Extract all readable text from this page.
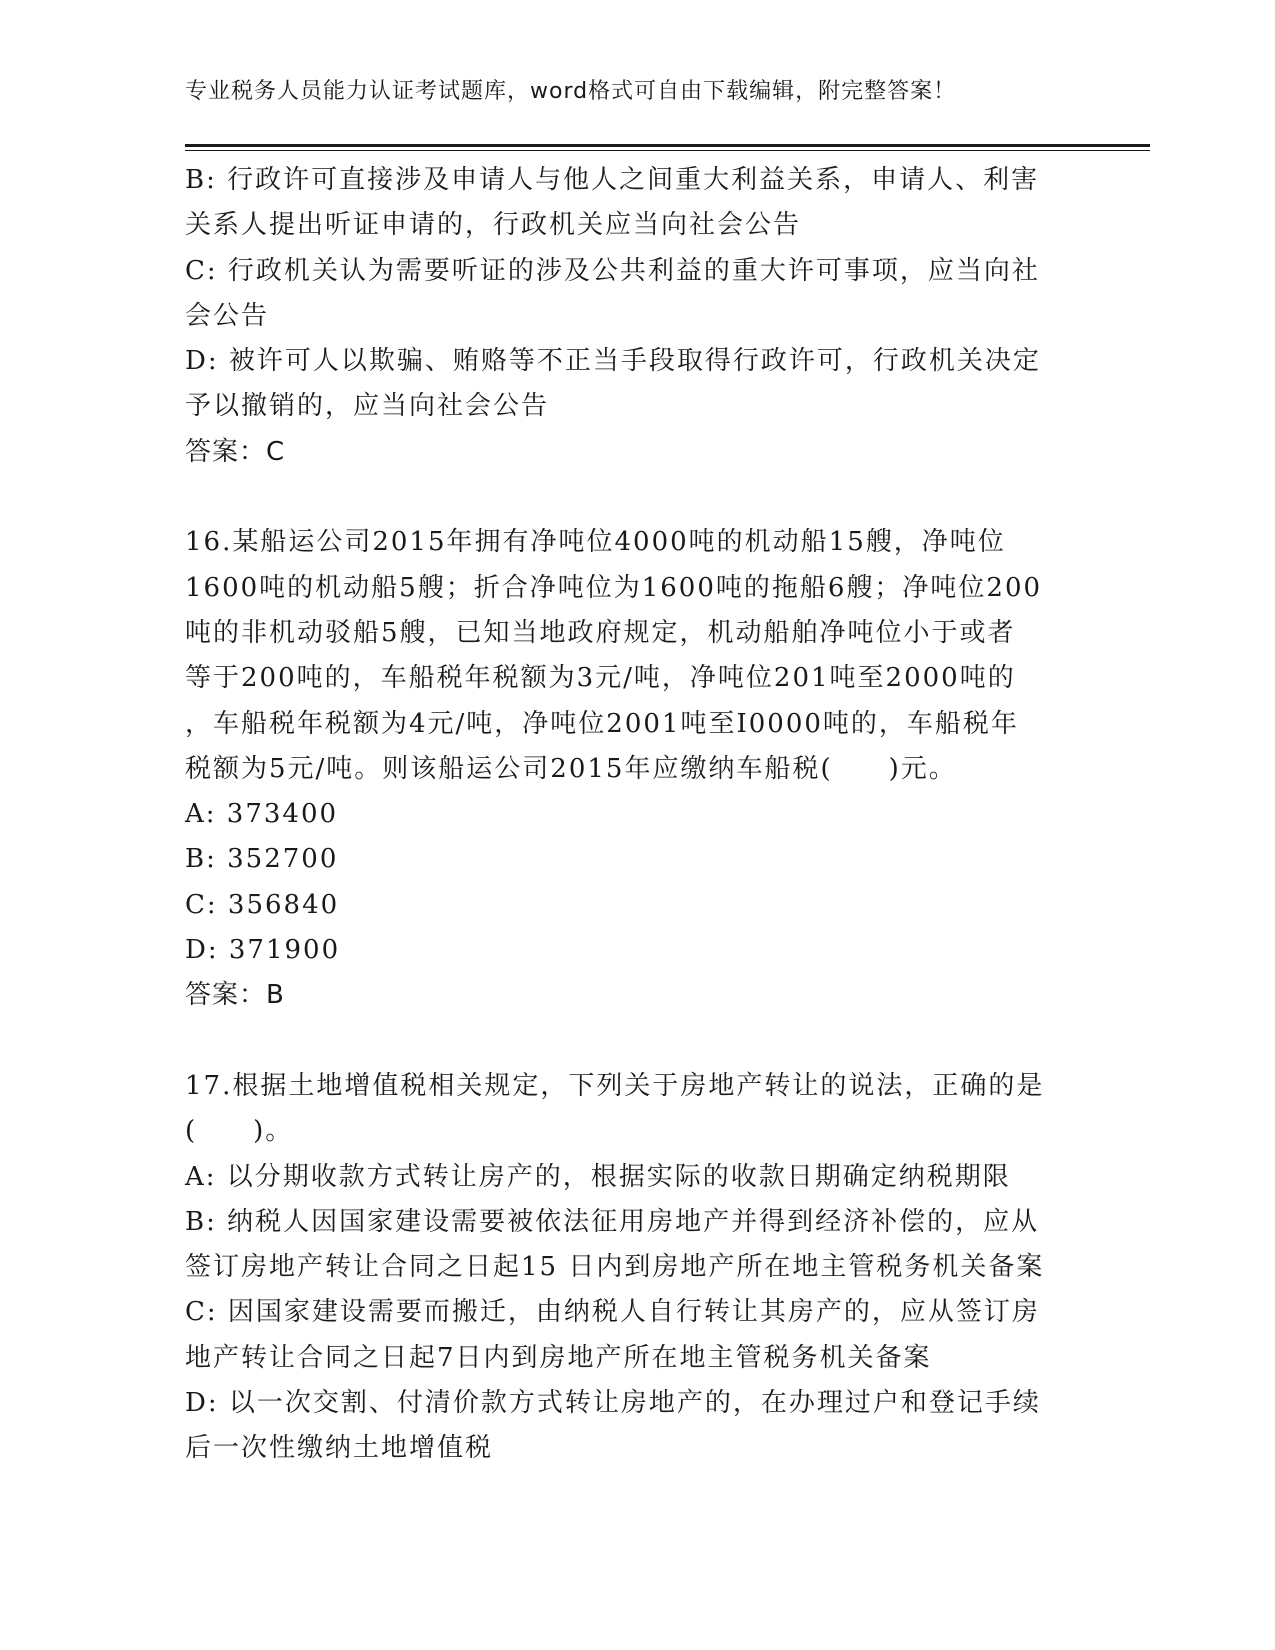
专业税务人员能力认证考试题库，word格式可自由下载编辑，附完整答案！
B: 行政许可直接涉及申请人与他人之间重大利益关系，申请人、利害
关系人提出听证申请的，行政机关应当向社会公告
C: 行政机关认为需要听证的涉及公共利益的重大许可事项，应当向社
会公告
D: 被许可人以欺骗、贿赂等不正当手段取得行政许可，行政机关决定
予以撤销的，应当向社会公告
答案：C
16.某船运公司2015年拥有净吨位4000吨的机动船15艘，净吨位
1600吨的机动船5艘；折合净吨位为1600吨的拖船6艘；净吨位200
吨的非机动驳船5艘，已知当地政府规定，机动船舶净吨位小于或者
等于200吨的，车船税年税额为3元/吨，净吨位201吨至2000吨的
，车船税年税额为4元/吨，净吨位2001吨至I0000吨的，车船税年
税额为5元/吨。则该船运公司2015年应缴纳车船税(　　)元。
A: 373400
B: 352700
C: 356840
D: 371900
答案：B
17.根据土地增值税相关规定，下列关于房地产转让的说法，正确的是
(　　)。
A: 以分期收款方式转让房产的，根据实际的收款日期确定纳税期限
B: 纳税人因国家建设需要被依法征用房地产并得到经济补偿的，应从
签订房地产转让合同之日起15 日内到房地产所在地主管税务机关备案
C: 因国家建设需要而搬迁，由纳税人自行转让其房产的，应从签订房
地产转让合同之日起7日内到房地产所在地主管税务机关备案
D: 以一次交割、付清价款方式转让房地产的，在办理过户和登记手续
后一次性缴纳土地增值税
